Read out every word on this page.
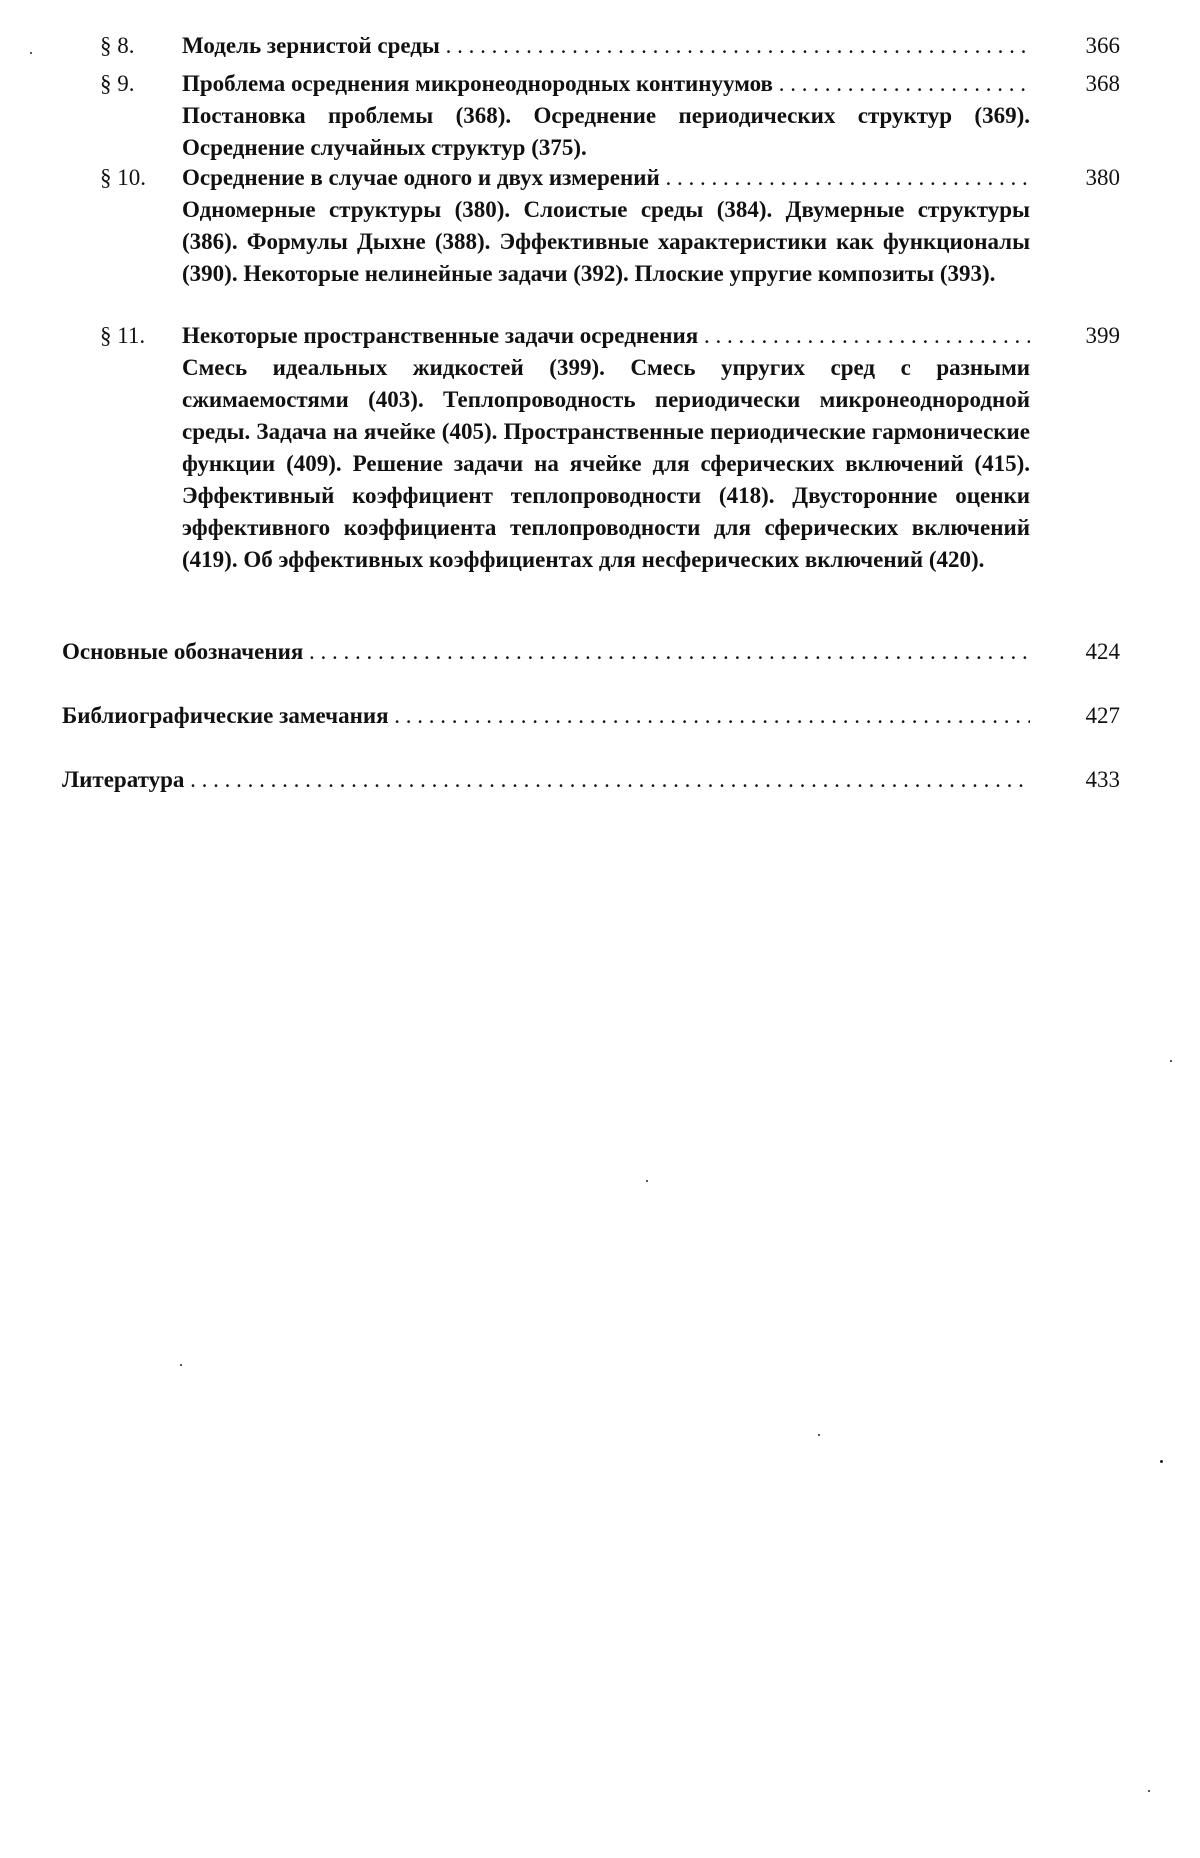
§ 8.	Модель зернистой среды . . .	366
§ 9.	Проблема осреднения микронеоднородных континуумов . . .	368
Постановка проблемы (368). Осреднение периодических структур (369).Осреднение случайных структур (375).
§ 10.	Осреднение в случае одного и двух измерений . . .	380
Одномерные структуры (380). Слоистые среды (384). Двумерные структуры (386). Формулы Дыхне (388). Эффективные характеристики как функционалы (390). Некоторые нелинейные задачи (392). Плоские упругие композиты (393).
§ 11.	Некоторые пространственные задачи осреднения . . .	399
Смесь идеальных жидкостей (399). Смесь упругих сред с разными сжимаемостями (403). Теплопроводность периодически микронеоднородной среды. Задача на ячейке (405). Пространственные периодические гармонические функции (409). Решение задачи на ячейке для сферических включений (415).Эффективный коэффициент теплопроводности (418). Двусторонние оценки эффективного коэффициента теплопроводности для сферических включений (419). Об эффективных коэффициентах для несферических включений (420).
Основные обозначения . . .	424
Библиографические замечания . . .	427
Литература . . .	433
